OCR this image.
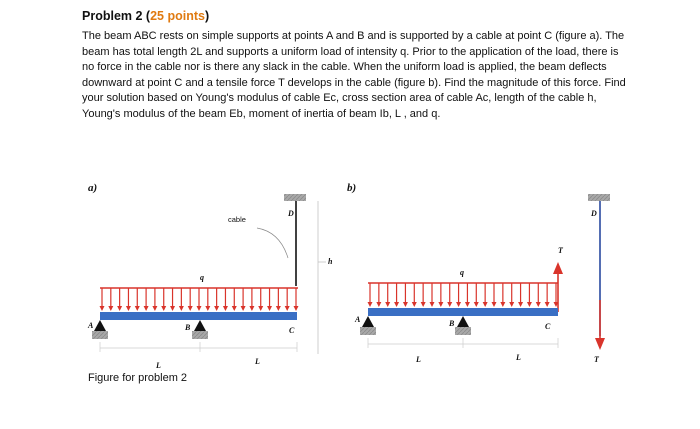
Problem 2 (25 points)
The beam ABC rests on simple supports at points A and B and is supported by a cable at point C (figure a). The beam has total length 2L and supports a uniform load of intensity q. Prior to the application of the load, there is no force in the cable nor is there any slack in the cable. When the uniform load is applied, the beam deflects downward at point C and a tensile force T develops in the cable (figure b). Find the magnitude of this force. Find your solution based on Young's modulus of cable Ec, cross section area of cable Ac, length of the cable h, Young's modulus of the beam Eb, moment of inertia of beam Ib, L , and q.
a)
D
cable
h
q
A	B	C
L	L
b)
D
T
T
q
A	B	C
L	L
Figure for problem 2
